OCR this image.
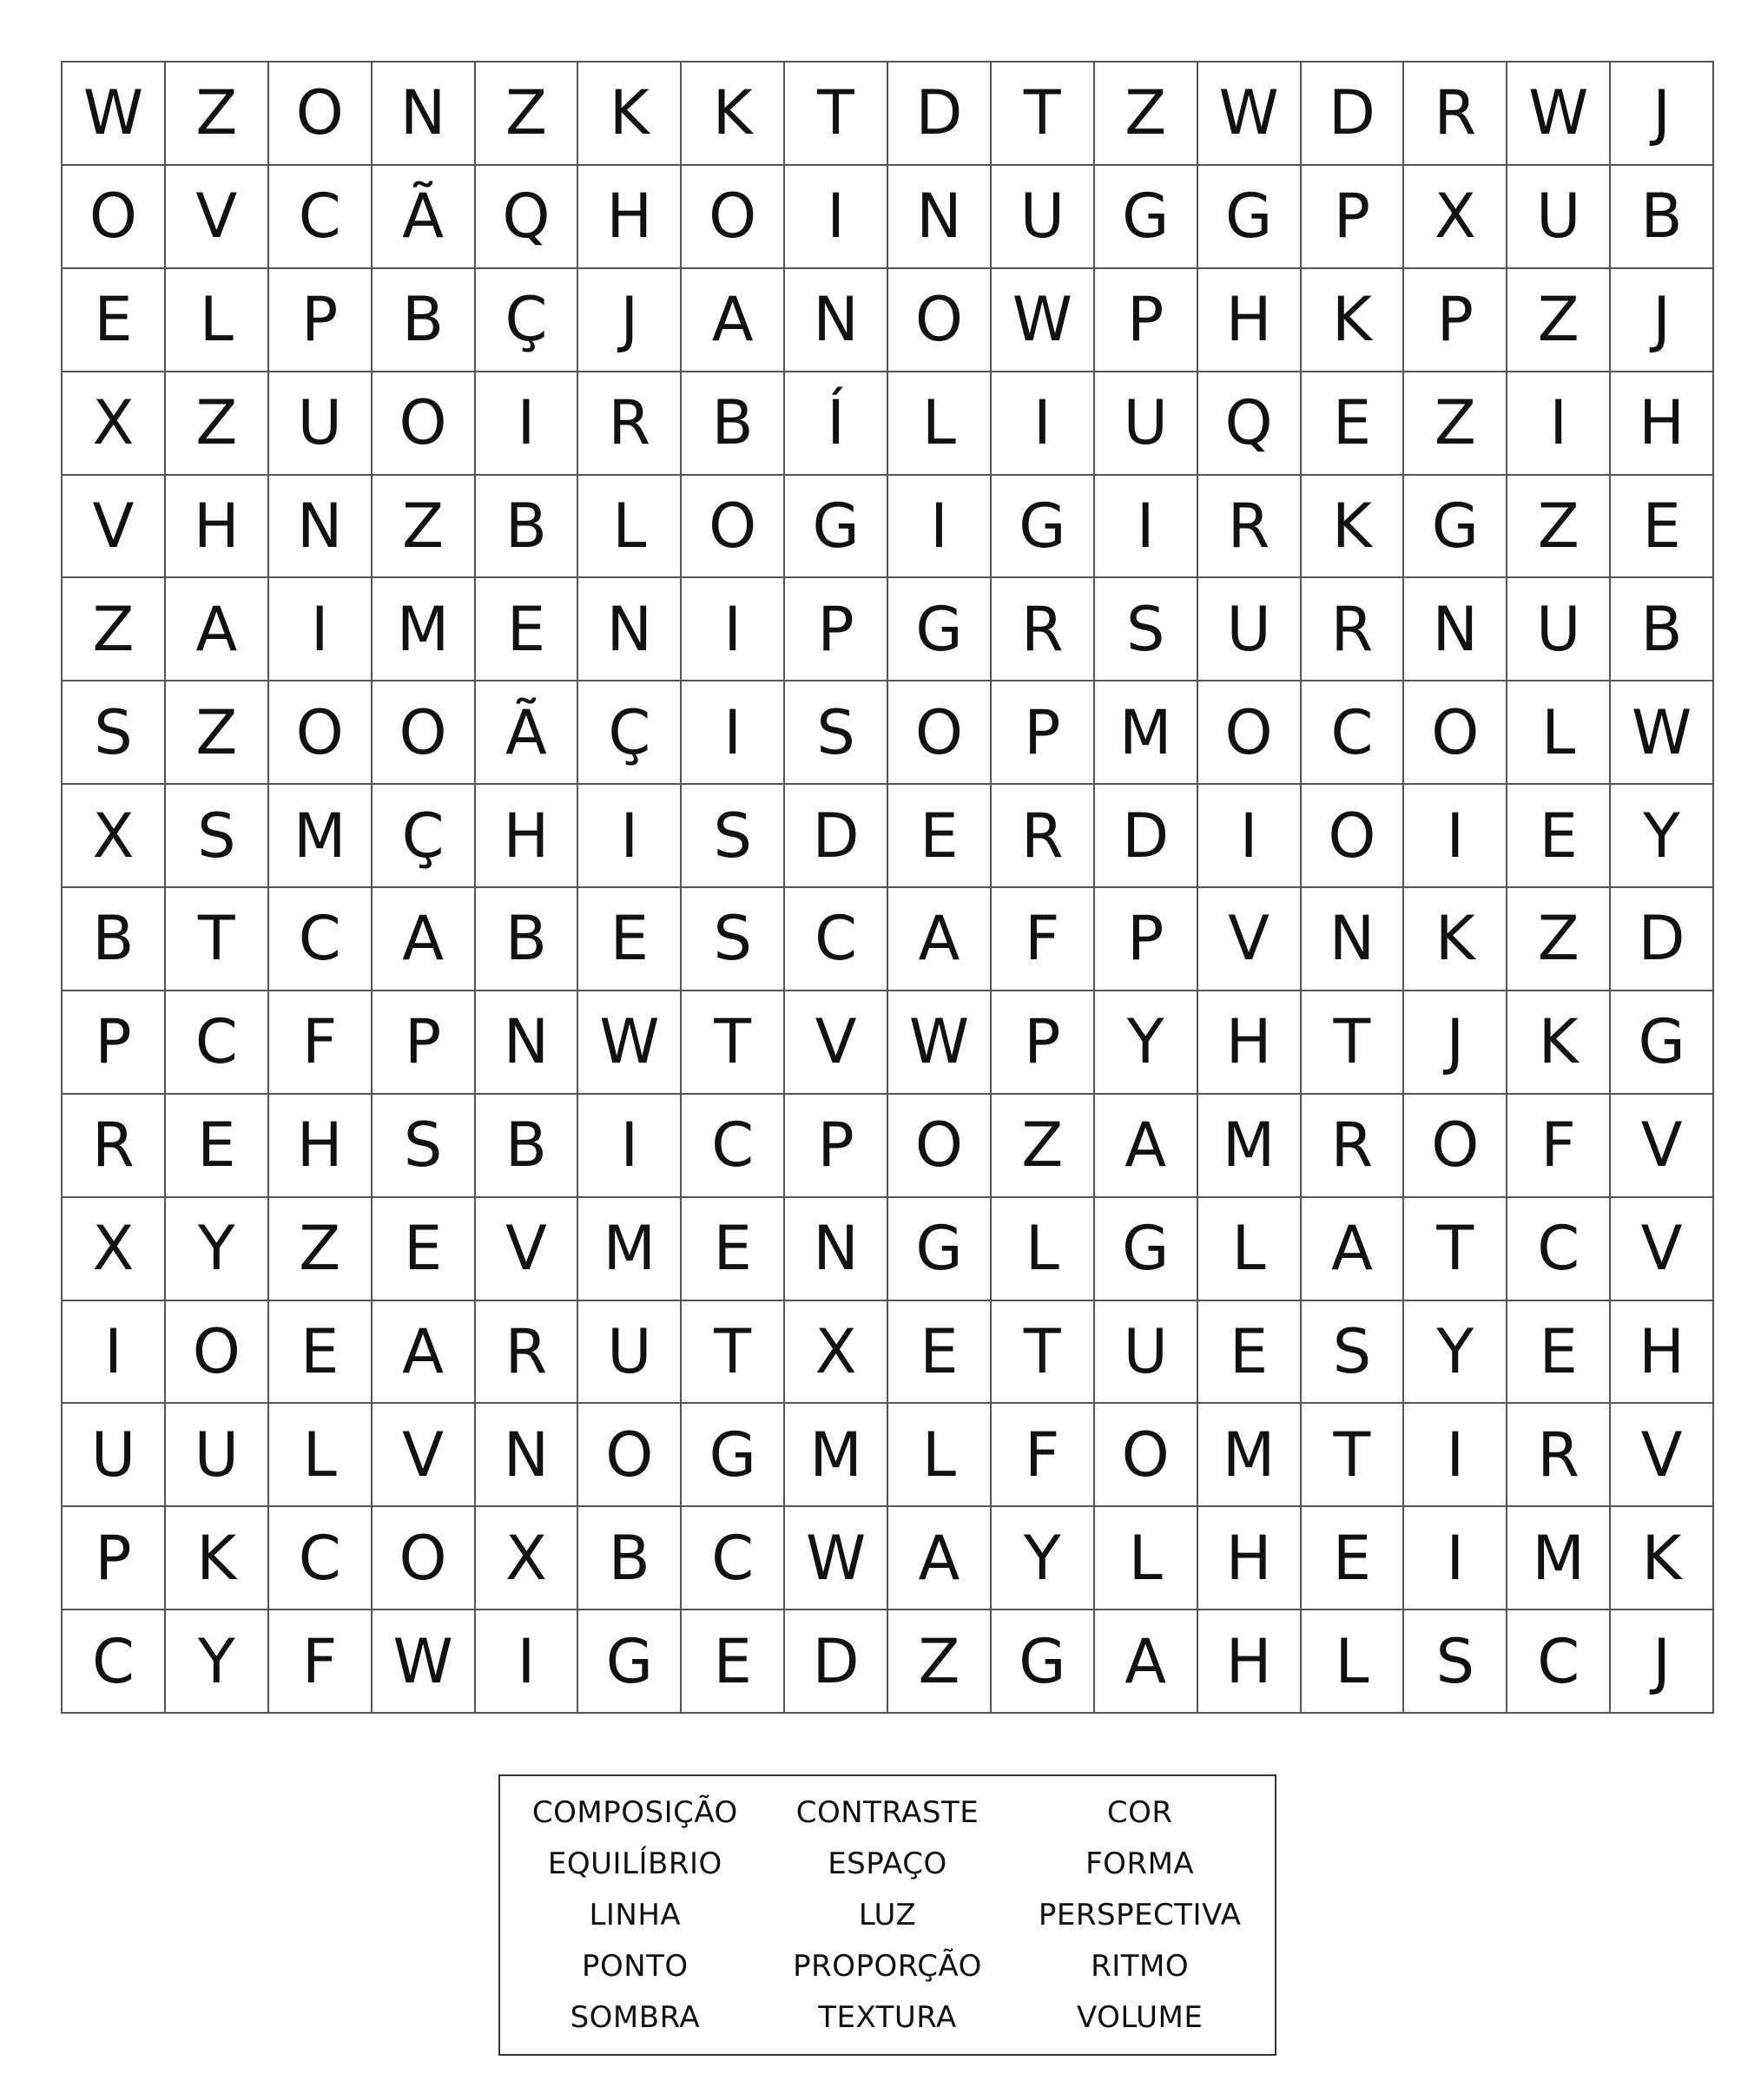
W Z O N Z	K	K	T	D	T	Z W D R W	J
O V	C	Ã Q H O	I	N U G G	P	X U B
E	L	P	B	Ç	J	A N O W P	H K	P	Z	J
X	Z U O	I	R	B	Í	L	I	U Q E	Z	I	H
V H N Z	B	L	O G	I	G	I	R	K G Z	E
Z	A	I	M E	N	I	P	G R	S	U R N U B
S	Z O O Ã	Ç	I	S O	P M O C O	L W
X	S M Ç H	I	S D E	R D	I	O	I	E	Y
B	T	C	A	B	E	S	C	A	F	P	V N K	Z D
P	C	F	P	N W T	V W P	Y	H	T	J	K G
R	E	H	S	B	I	C	P	O Z	A M R O	F	V
X	Y	Z	E	V M E	N G	L	G	L	A	T	C	V
I	O E	A	R U	T	X	E	T	U	E	S	Y	E	H
U U	L	V N O G M L	F	O M T	I	R	V
P	K	C O X	B	C W A	Y	L	H	E	I	M K
C	Y	F W	I	G E D Z G A H	L	S	C	J
COMPOSIÇÃO	CONTRASTE	COR
EQUILÍBRIO	ESPAÇO	FORMA
LINHA	LUZ	PERSPECTIVA
PONTO	PROPORÇÃO	RITMO
SOMBRA	TEXTURA	VOLUME
